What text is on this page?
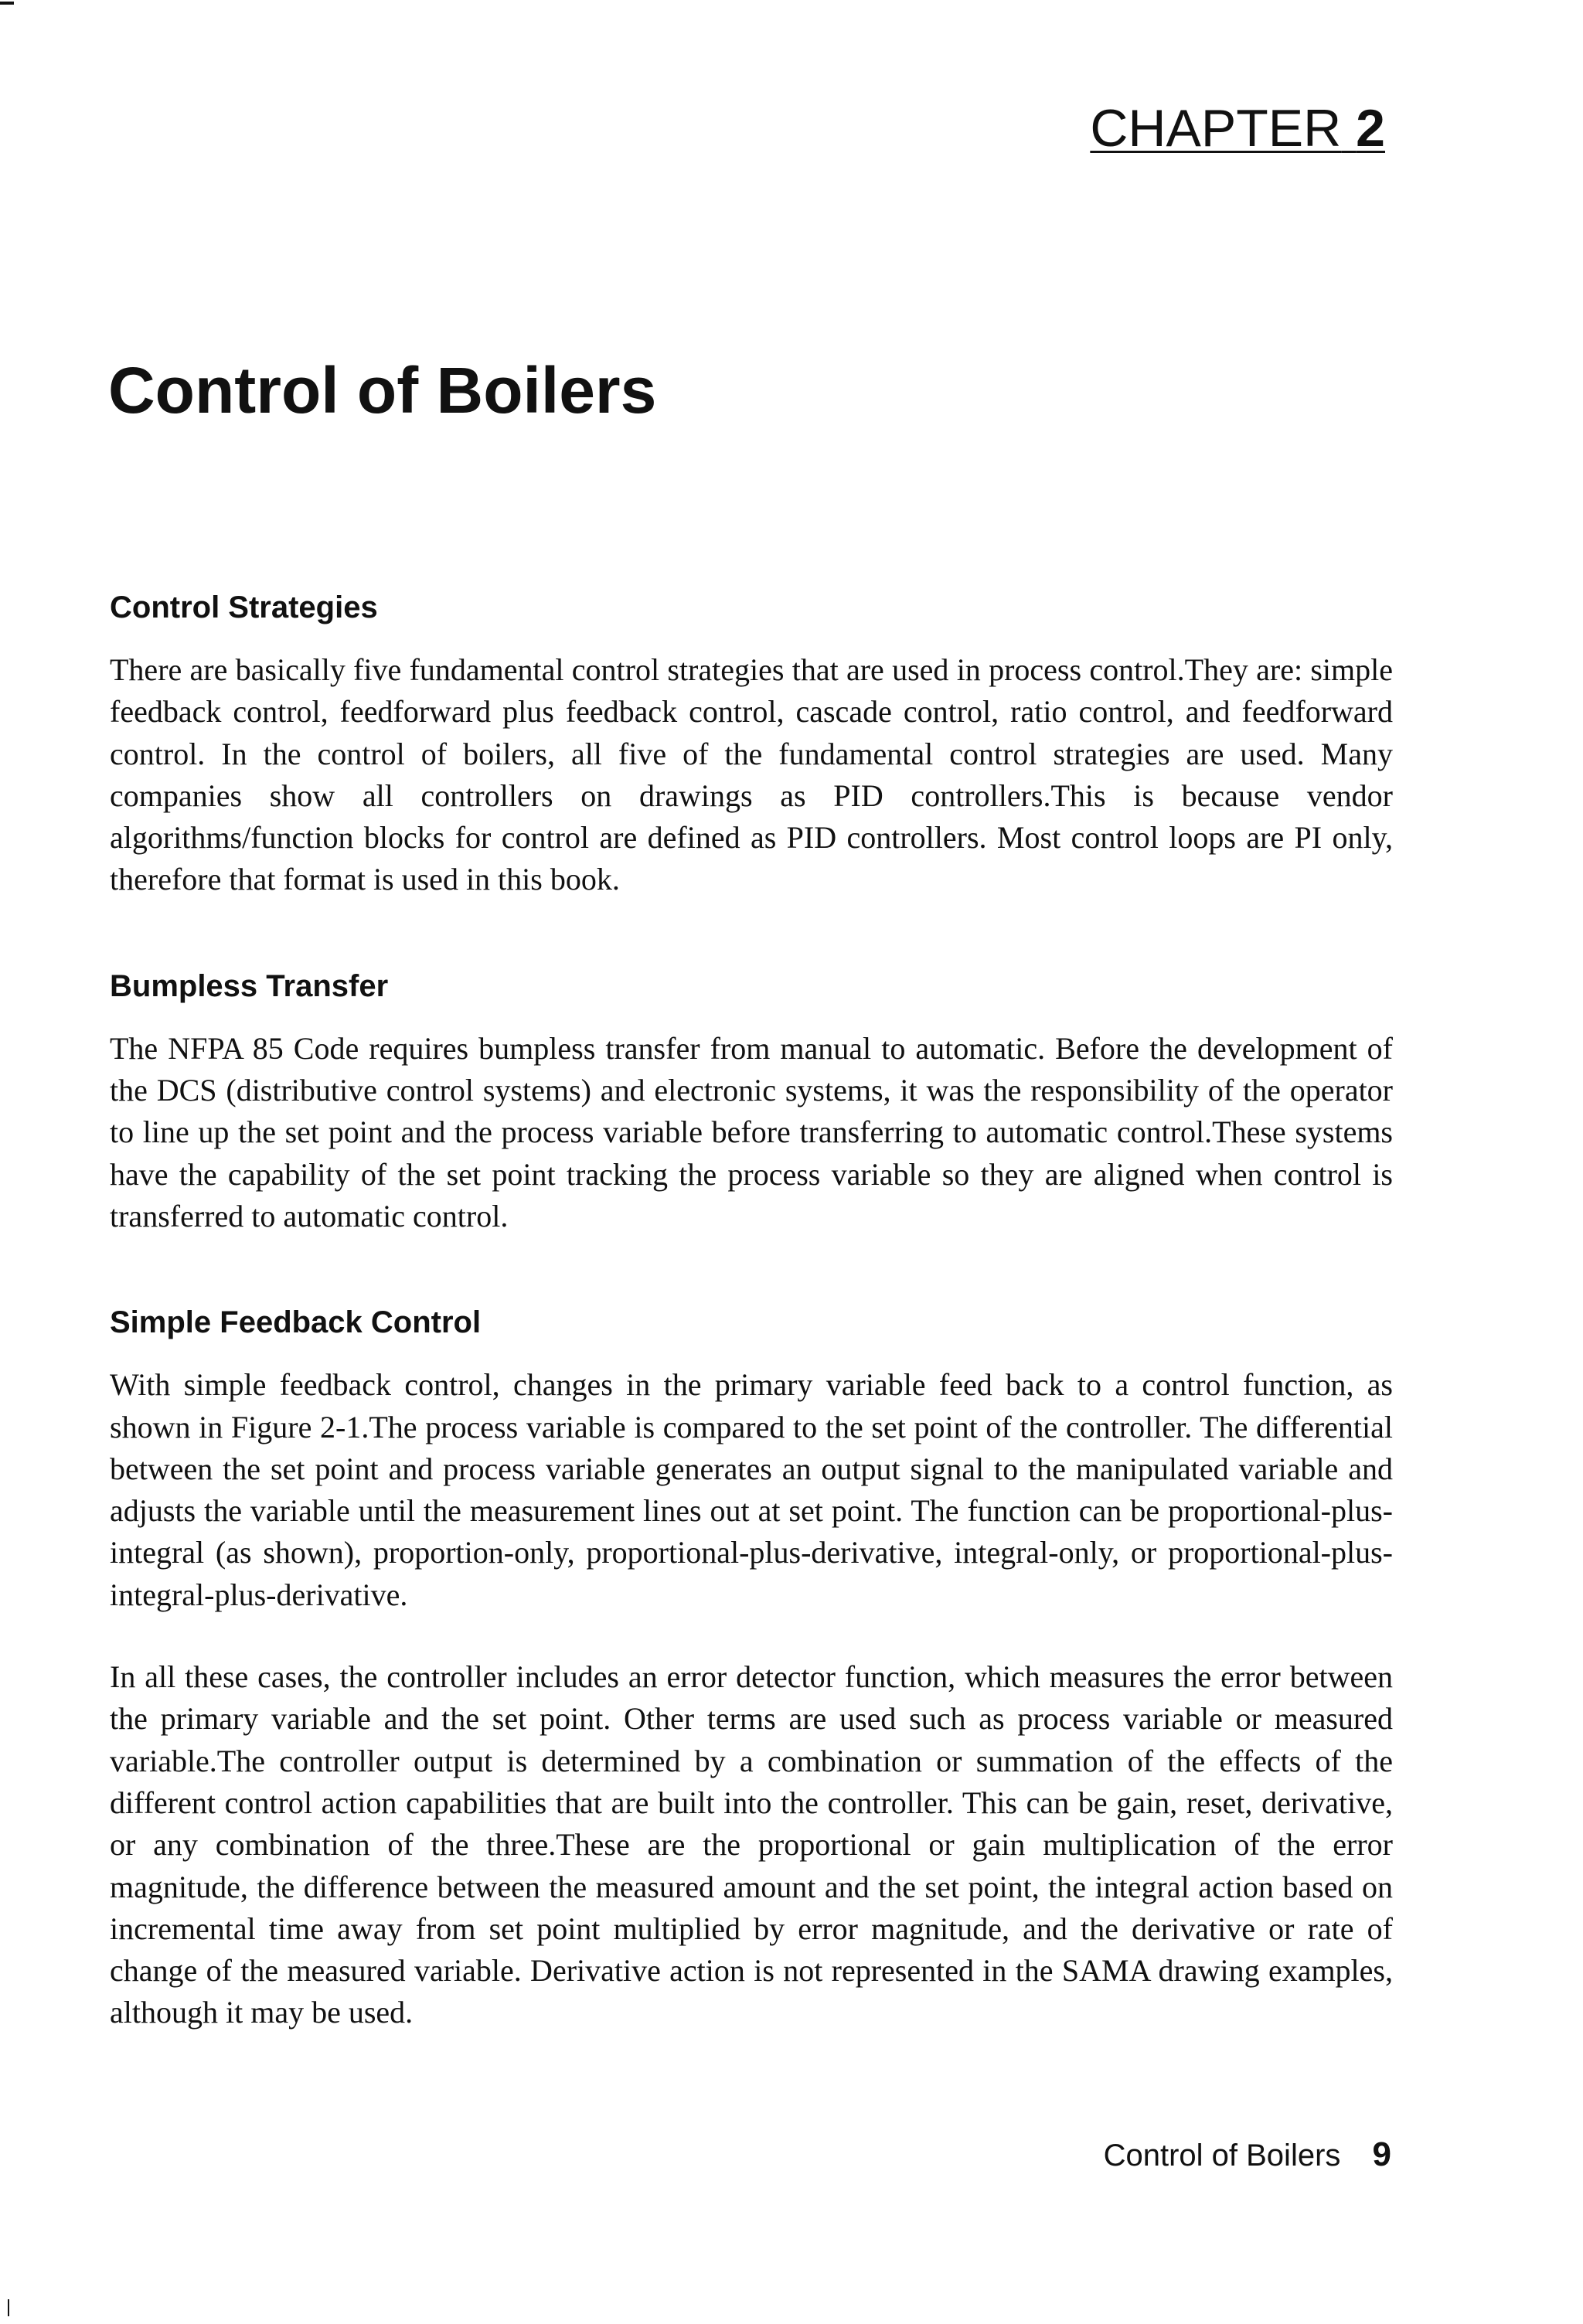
CHAPTER 2
Control of Boilers
Control Strategies

There are basically five fundamental control strategies that are used in process control.They are: simple feedback control, feedforward plus feedback control, cascade control, ratio control, and feedforward control. In the control of boilers, all five of the fundamental control strategies are used. Many companies show all controllers on drawings as PID controllers.This is because vendor algorithms/function blocks for control are defined as PID controllers. Most control loops are PI only, therefore that format is used in this book.

Bumpless Transfer

The NFPA 85 Code requires bumpless transfer from manual to automatic. Before the development of the DCS (distributive control systems) and electronic systems, it was the responsibility of the operator to line up the set point and the process variable before transferring to automatic control.These systems have the capability of the set point tracking the process variable so they are aligned when control is transferred to automatic control.

Simple Feedback Control

With simple feedback control, changes in the primary variable feed back to a control function, as shown in Figure 2-1.The process variable is compared to the set point of the controller. The differential between the set point and process variable generates an output signal to the manipulated variable and adjusts the variable until the measurement lines out at set point. The function can be proportional-plus-integral (as shown), proportion-only, proportional-plus-derivative, integral-only, or proportional-plus-integral-plus-derivative.

In all these cases, the controller includes an error detector function, which measures the error between the primary variable and the set point. Other terms are used such as process variable or measured variable.The controller output is determined by a combination or summation of the effects of the different control action capabilities that are built into the controller. This can be gain, reset, derivative, or any combination of the three.These are the proportional or gain multiplication of the error magnitude, the difference between the measured amount and the set point, the integral action based on incremental time away from set point multiplied by error magnitude, and the derivative or rate of change of the measured variable. Derivative action is not represented in the SAMA drawing examples, although it may be used.

Control of Boilers 9
